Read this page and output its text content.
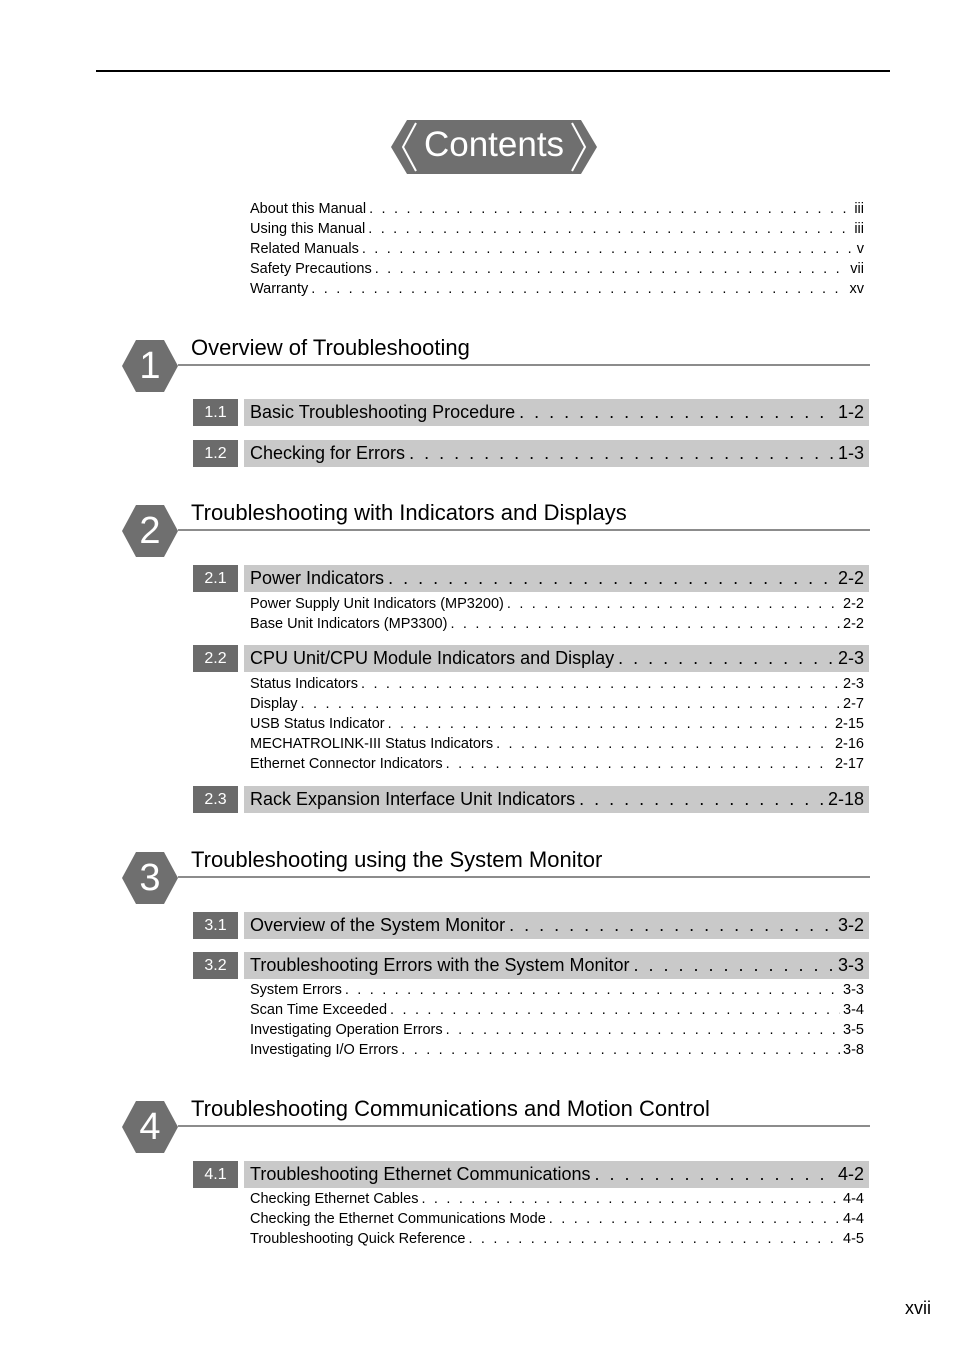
Contents
About this Manual . . .	iii
Using this Manual . . .	iii
Related Manuals . . .	v
Safety Precautions . . .	vii
Warranty . . .	xv
1	Overview of Troubleshooting
1.1	Basic Troubleshooting Procedure . . .	1-2
1.2	Checking for Errors . . .	1-3
2	Troubleshooting with Indicators and Displays
2.1	Power Indicators . . .	2-2
Power Supply Unit Indicators (MP3200) . . .	2-2
Base Unit Indicators (MP3300) . . .	2-2
2.2	CPU Unit/CPU Module Indicators and Display . . .	2-3
Status Indicators . . .	2-3
Display . . .	2-7
USB Status Indicator . . .	2-15
MECHATROLINK-III Status Indicators . . .	2-16
Ethernet Connector Indicators . . .	2-17
2.3	Rack Expansion Interface Unit Indicators . . .	2-18
3	Troubleshooting using the System Monitor
3.1	Overview of the System Monitor . . .	3-2
3.2	Troubleshooting Errors with the System Monitor . . .	3-3
System Errors . . .	3-3
Scan Time Exceeded . . .	3-4
Investigating Operation Errors . . .	3-5
Investigating I/O Errors . . .	3-8
4	Troubleshooting Communications and Motion Control
4.1	Troubleshooting Ethernet Communications . . .	4-2
Checking Ethernet Cables . . .	4-4
Checking the Ethernet Communications Mode . . .	4-4
Troubleshooting Quick Reference . . .	4-5
xvii
